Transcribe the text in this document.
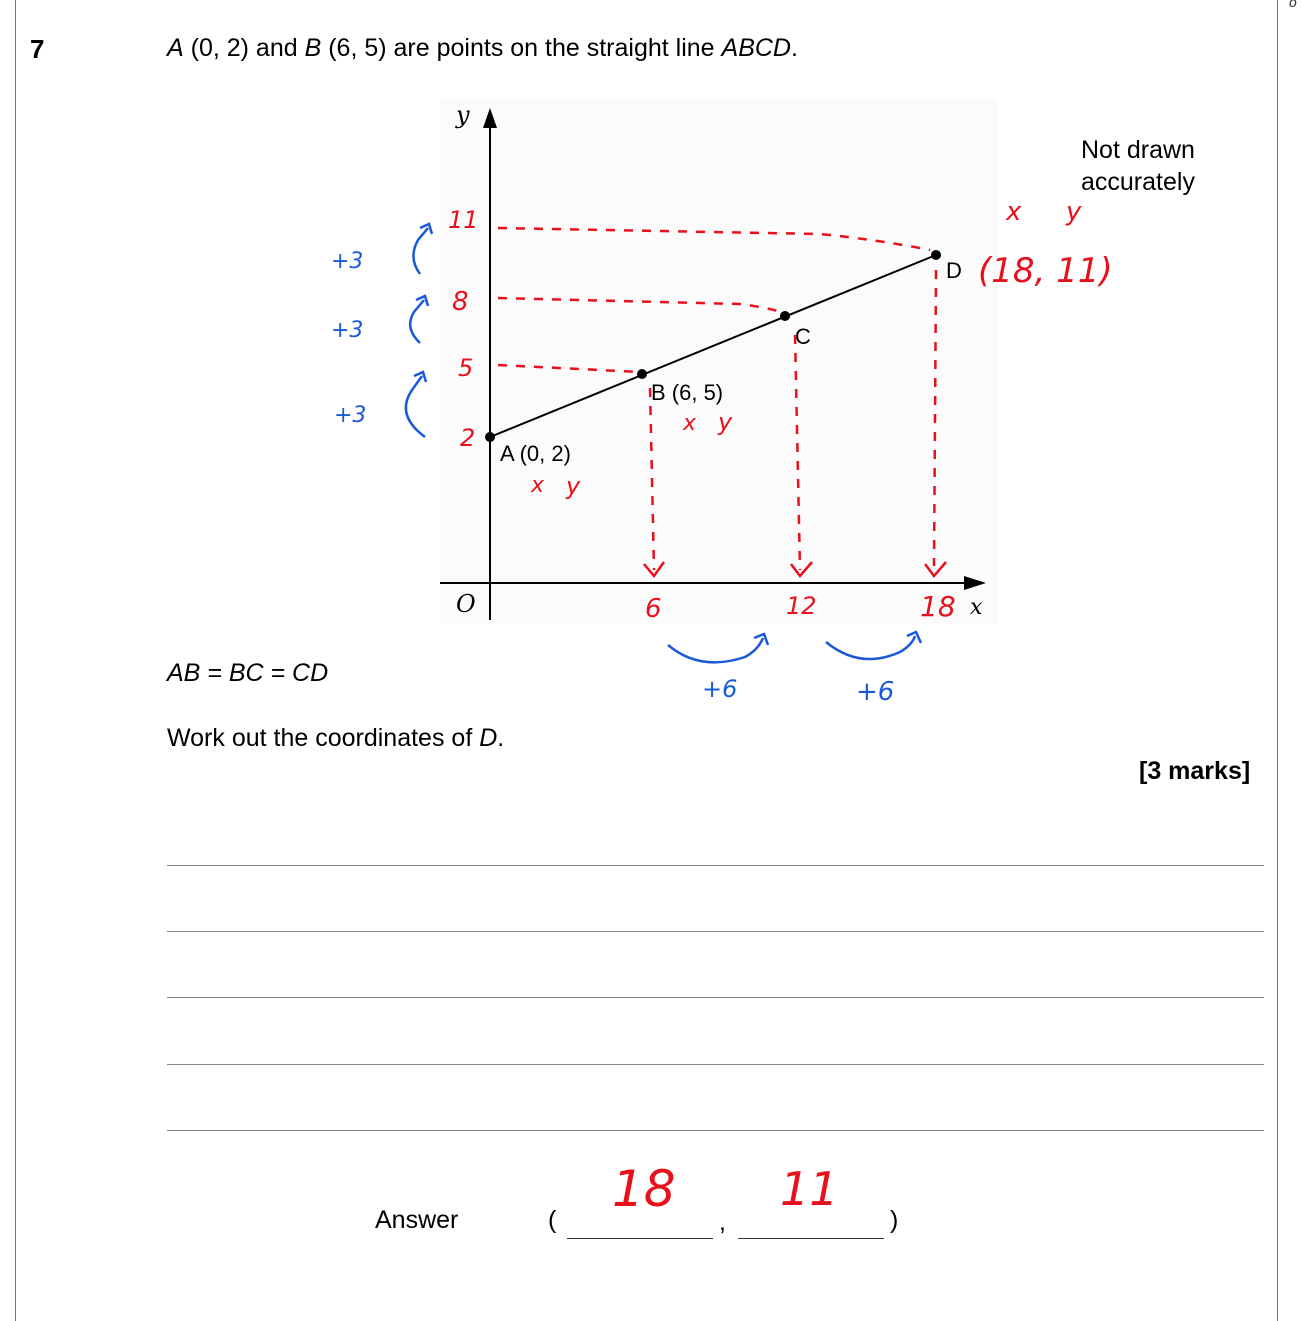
o
7	A (0, 2) and B (6, 5) are points on the straight line ABCD.
y
x
O
A (0, 2)
B (6, 5)
C
D
Not drawn
accurately
2
5
8
11
6	12	18
x y
x y
x y
(18, 11)
+3
+3
+3
+6	+6
AB = BC = CD
Work out the coordinates of D.
[3 marks]
Answer	(	,	)
18 11
